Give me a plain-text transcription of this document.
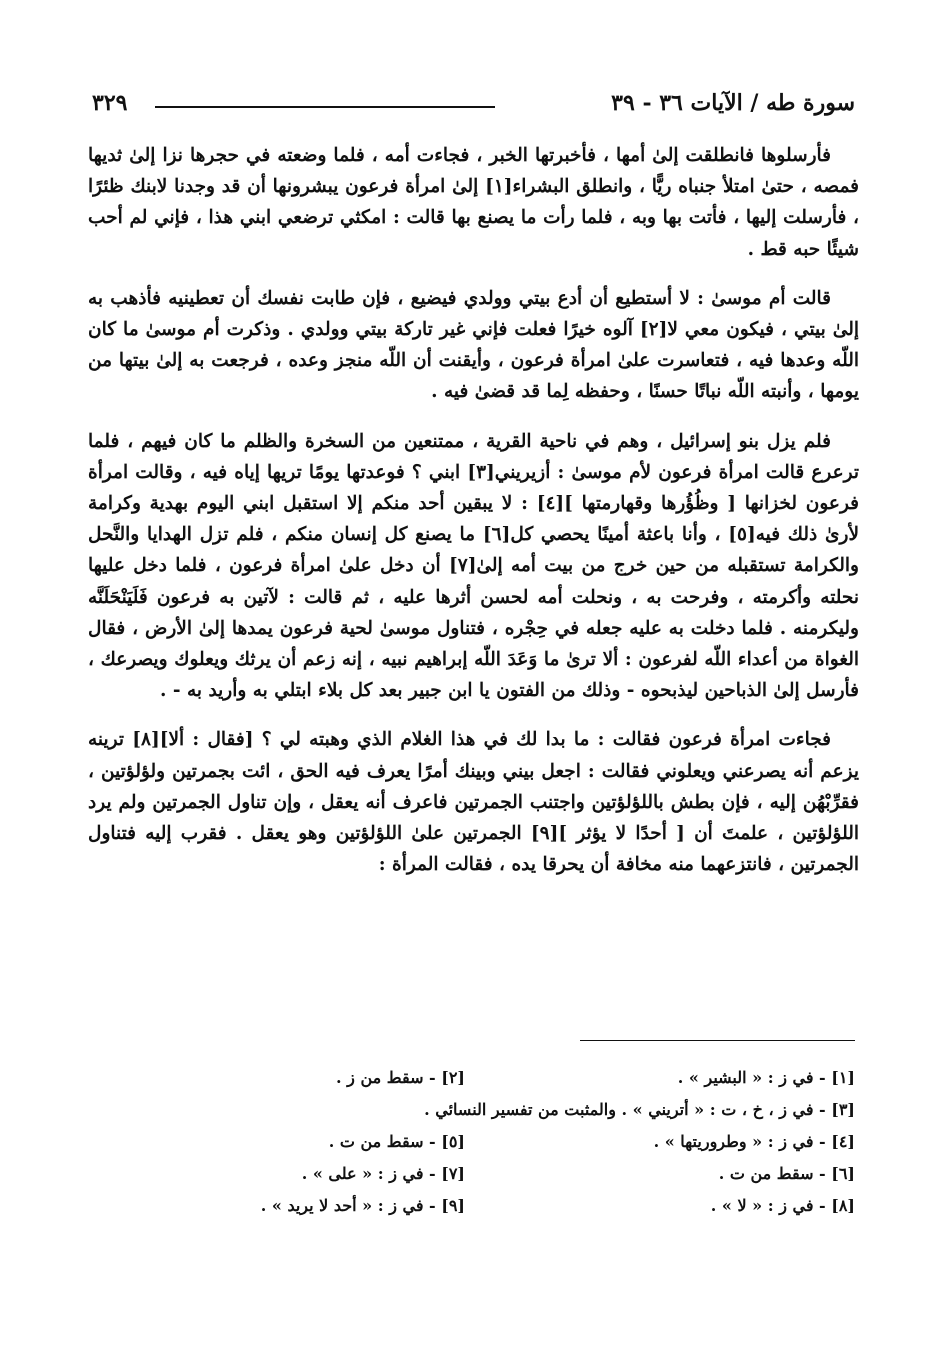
سورة طه / الآيات ٣٦ - ٣٩
٣٢٩

فأرسلوها فانطلقت إلىٰ أمها ، فأخبرتها الخبر ، فجاءت أمه ، فلما وضعته في حجرها نزا إلىٰ ثديها فمصه ، حتىٰ امتلأ جنباه ريًّا ، وانطلق البشراء[١] إلىٰ امرأة فرعون يبشرونها أن قد وجدنا لابنك ظئرًا ، فأرسلت إليها ، فأتت بها وبه ، فلما رأت ما يصنع بها قالت : امكثي ترضعي ابني هذا ، فإني لم أحب شيئًا حبه قط .

قالت أم موسىٰ : لا أستطيع أن أدع بيتي وولدي فيضيع ، فإن طابت نفسك أن تعطينيه فأذهب به إلىٰ بيتي ، فيكون معي لا[٢] آلوه خيرًا فعلت فإني غير تاركة بيتي وولدي . وذكرت أم موسىٰ ما كان اللّه وعدها فيه ، فتعاسرت علىٰ امرأة فرعون ، وأيقنت أن اللّه منجز وعده ، فرجعت به إلىٰ بيتها من يومها ، وأنبته اللّه نباتًا حسنًا ، وحفظه لِما قد قضىٰ فيه .

فلم يزل بنو إسرائيل ، وهم في ناحية القرية ، ممتنعين من السخرة والظلم ما كان فيهم ، فلما ترعرع قالت امرأة فرعون لأم موسىٰ : أزيريني[٣] ابني ؟ فوعدتها يومًا تريها إياه فيه ، وقالت امرأة فرعون لخزانها [ وظُؤُرها وقهارمتها ][٤] : لا يبقين أحد منكم إلا استقبل ابني اليوم بهدية وكرامة لأرىٰ ذلك فيه[٥] ، وأنا باعثة أمينًا يحصي كل[٦] ما يصنع كل إنسان منكم ، فلم تزل الهدايا والنَّحل والكرامة تستقبله من حين خرج من بيت أمه إلىٰ[٧] أن دخل علىٰ امرأة فرعون ، فلما دخل عليها نحلته وأكرمته ، وفرحت به ، ونحلت أمه لحسن أثرها عليه ، ثم قالت : لآتين به فرعون فَلَيَنْحَلَنَّه وليكرمنه . فلما دخلت به عليه جعله في حِجْره ، فتناول موسىٰ لحية فرعون يمدها إلىٰ الأرض ، فقال الغواة من أعداء اللّه لفرعون : ألا ترىٰ ما وَعَدَ اللّه إبراهيم نبيه ، إنه زعم أن يرثك ويعلوك ويصرعك ، فأرسل إلىٰ الذباحين ليذبحوه - وذلك من الفتون يا ابن جبير بعد كل بلاء ابتلي به وأريد به - .

فجاءت امرأة فرعون فقالت : ما بدا لك في هذا الغلام الذي وهبته لي ؟ [فقال : ألا][٨] ترينه يزعم أنه يصرعني ويعلوني فقالت : اجعل بيني وبينك أمرًا يعرف فيه الحق ، ائت بجمرتين ولؤلؤتين ، فقرِّبْهُن إليه ، فإن بطش باللؤلؤتين واجتنب الجمرتين فاعرف أنه يعقل ، وإن تناول الجمرتين ولم يرد اللؤلؤتين ، علمتَ أن [ أحدًا لا يؤثر ][٩] الجمرتين علىٰ اللؤلؤتين وهو يعقل . فقرب إليه فتناول الجمرتين ، فانتزعهما منه مخافة أن يحرقا يده ، فقالت المرأة :

[١] - في ز : « البشير » .
[٢] - سقط من ز .
[٣] - في ز ، خ ، ت : « أتريني » . والمثبت من تفسير النسائي .
[٤] - في ز : « وطروريتها » .
[٥] - سقط من ت .
[٦] - سقط من ت .
[٧] - في ز : « على » .
[٨] - في ز : « لا » .
[٩] - في ز : « أحد لا يريد » .
